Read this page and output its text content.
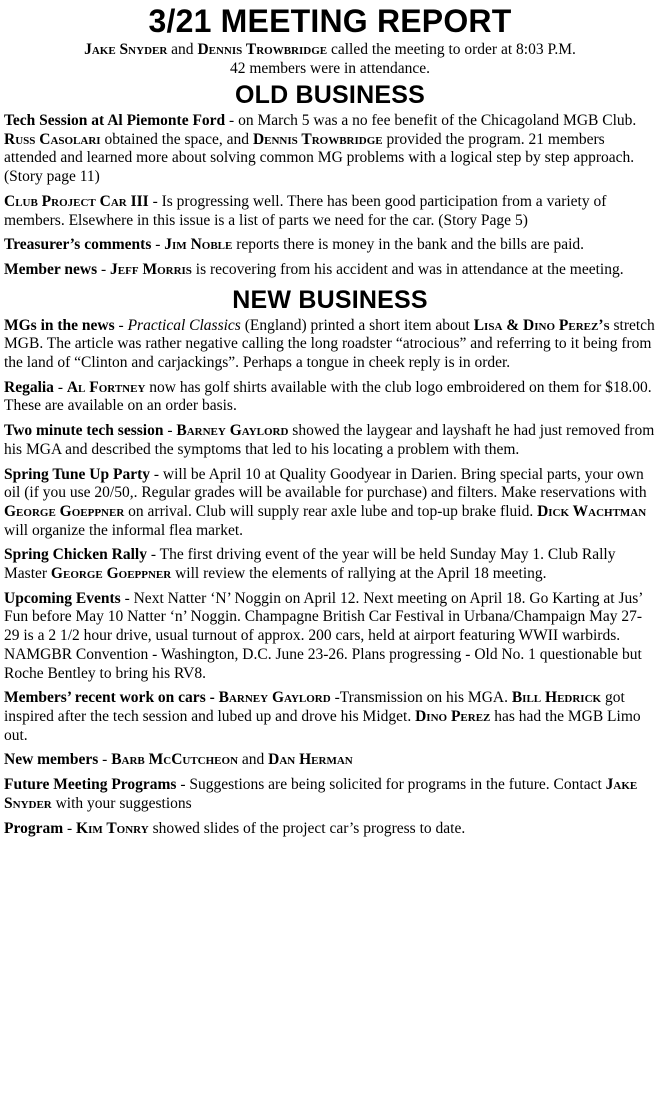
3/21 MEETING REPORT
Jake Snyder and Dennis Trowbridge called the meeting to order at 8:03 P.M.
42 members were in attendance.
OLD BUSINESS

Tech Session at Al Piemonte Ford - on March 5 was a no fee benefit of the Chicagoland MGB Club. Russ Casolari obtained the space, and Dennis Trowbridge provided the program. 21 members attended and learned more about solving common MG problems with a logical step by step approach. (Story page 11)

Club Project Car III - Is progressing well. There has been good participation from a variety of members. Elsewhere in this issue is a list of parts we need for the car. (Story Page 5)

Treasurer’s comments - Jim Noble reports there is money in the bank and the bills are paid.

Member news - Jeff Morris is recovering from his accident and was in attendance at the meeting.

NEW BUSINESS

MGs in the news - Practical Classics (England) printed a short item about Lisa & Dino Perez’s stretch MGB. The article was rather negative calling the long roadster “atrocious” and referring to it being from the land of “Clinton and carjackings”. Perhaps a tongue in cheek reply is in order.

Regalia - Al Fortney now has golf shirts available with the club logo embroidered on them for $18.00. These are available on an order basis.

Two minute tech session - Barney Gaylord showed the laygear and layshaft he had just removed from his MGA and described the symptoms that led to his locating a problem with them.

Spring Tune Up Party - will be April 10 at Quality Goodyear in Darien. Bring special parts, your own oil (if you use 20/50,. Regular grades will be available for purchase) and filters. Make reservations with George Goeppner on arrival. Club will supply rear axle lube and top-up brake fluid. Dick Wachtman will organize the informal flea market.

Spring Chicken Rally - The first driving event of the year will be held Sunday May 1. Club Rally Master George Goeppner will review the elements of rallying at the April 18 meeting.

Upcoming Events - Next Natter ‘N’ Noggin on April 12. Next meeting on April 18. Go Karting at Jus’ Fun before May 10 Natter ‘n’ Noggin. Champagne British Car Festival in Urbana/Champaign May 27-29 is a 2 1/2 hour drive, usual turnout of approx. 200 cars, held at airport featuring WWII warbirds. NAMGBR Convention - Washington, D.C. June 23-26. Plans progressing - Old No. 1 questionable but Roche Bentley to bring his RV8.

Members’ recent work on cars - Barney Gaylord -Transmission on his MGA. Bill Hedrick got inspired after the tech session and lubed up and drove his Midget. Dino Perez has had the MGB Limo out.

New members - Barb McCutcheon and Dan Herman

Future Meeting Programs - Suggestions are being solicited for programs in the future. Contact Jake Snyder with your suggestions

Program - Kim Tonry showed slides of the project car’s progress to date.
